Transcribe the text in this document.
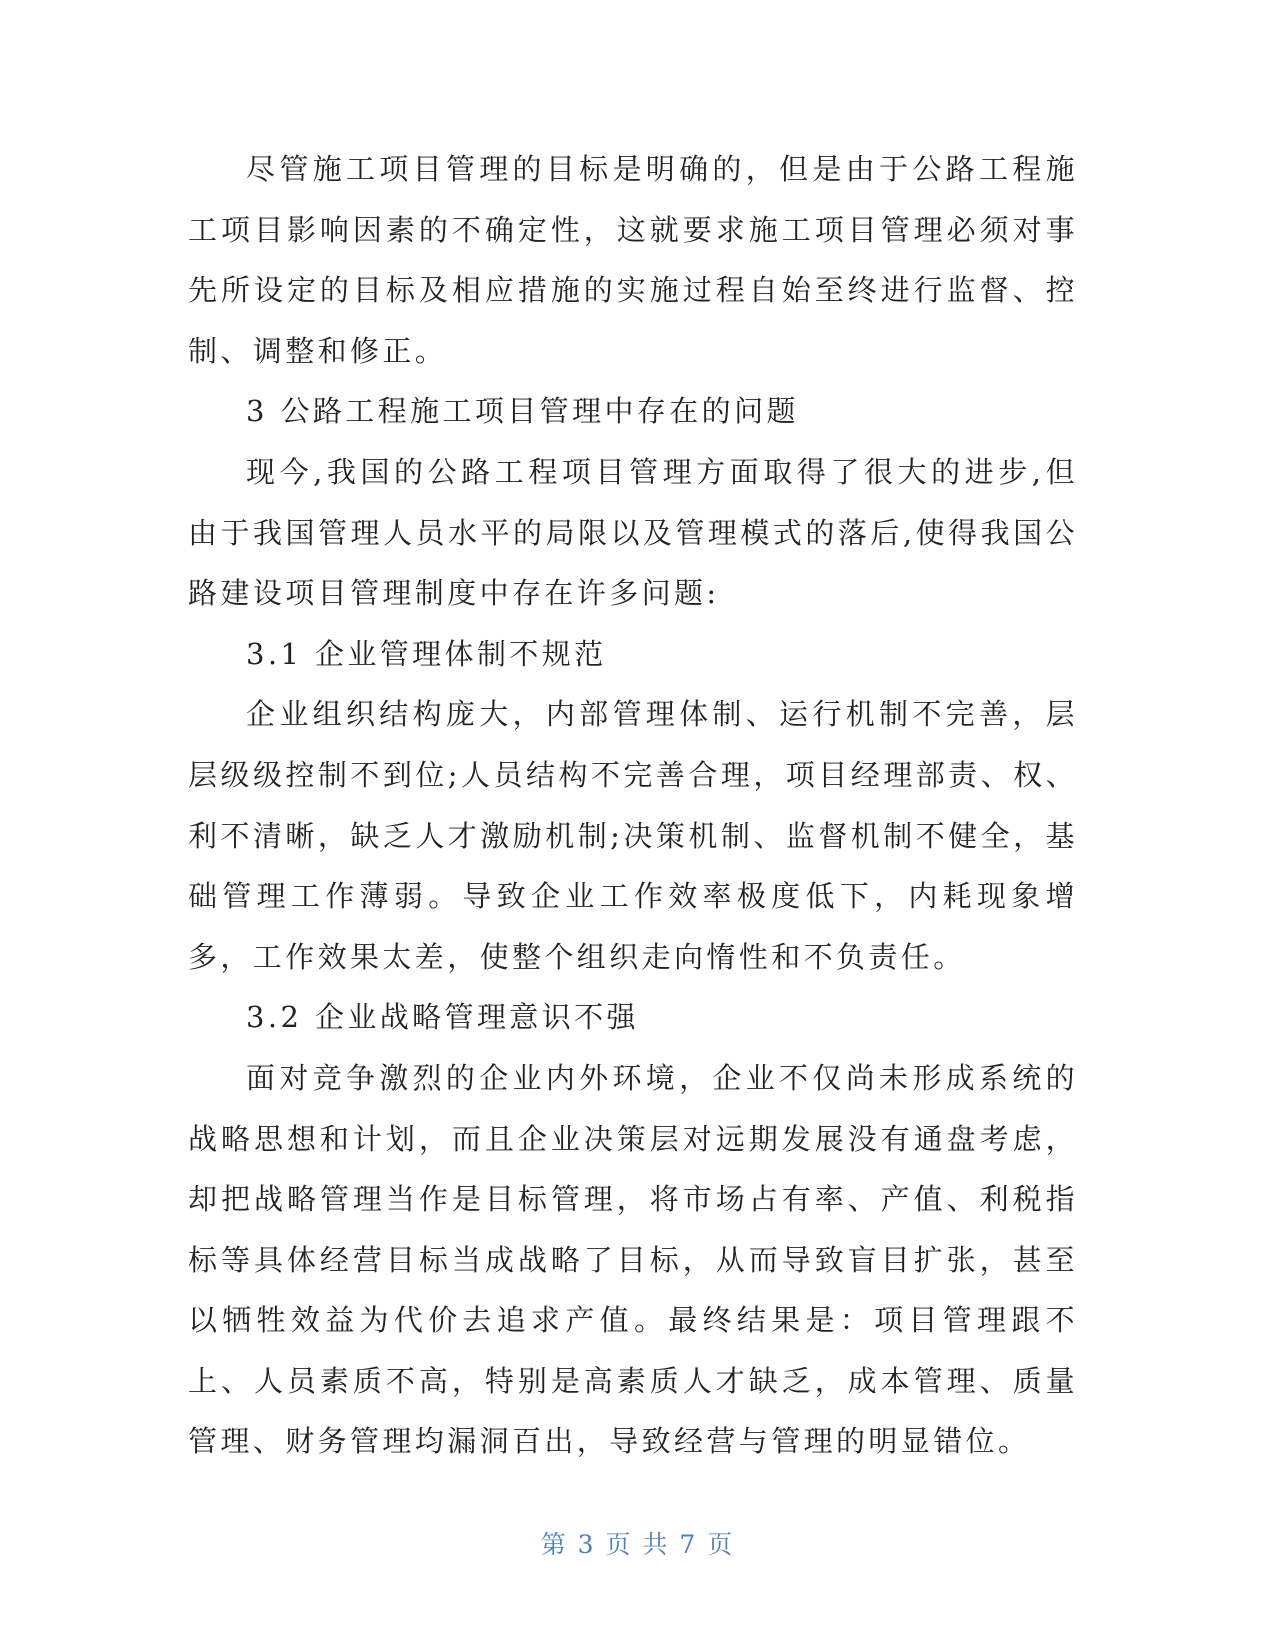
尽管施工项目管理的目标是明确的，但是由于公路工程施工项目影响因素的不确定性，这就要求施工项目管理必须对事先所设定的目标及相应措施的实施过程自始至终进行监督、控制、调整和修正。

3 公路工程施工项目管理中存在的问题

现今,我国的公路工程项目管理方面取得了很大的进步,但由于我国管理人员水平的局限以及管理模式的落后,使得我国公路建设项目管理制度中存在许多问题:

3.1 企业管理体制不规范

企业组织结构庞大，内部管理体制、运行机制不完善，层层级级控制不到位;人员结构不完善合理，项目经理部责、权、利不清晰，缺乏人才激励机制;决策机制、监督机制不健全，基础管理工作薄弱。导致企业工作效率极度低下，内耗现象增多，工作效果太差，使整个组织走向惰性和不负责任。

3.2 企业战略管理意识不强

面对竞争激烈的企业内外环境，企业不仅尚未形成系统的战略思想和计划，而且企业决策层对远期发展没有通盘考虑，却把战略管理当作是目标管理，将市场占有率、产值、利税指标等具体经营目标当成战略了目标，从而导致盲目扩张，甚至以牺牲效益为代价去追求产值。最终结果是：项目管理跟不上、人员素质不高，特别是高素质人才缺乏，成本管理、质量管理、财务管理均漏洞百出，导致经营与管理的明显错位。

第 3 页 共 7 页
